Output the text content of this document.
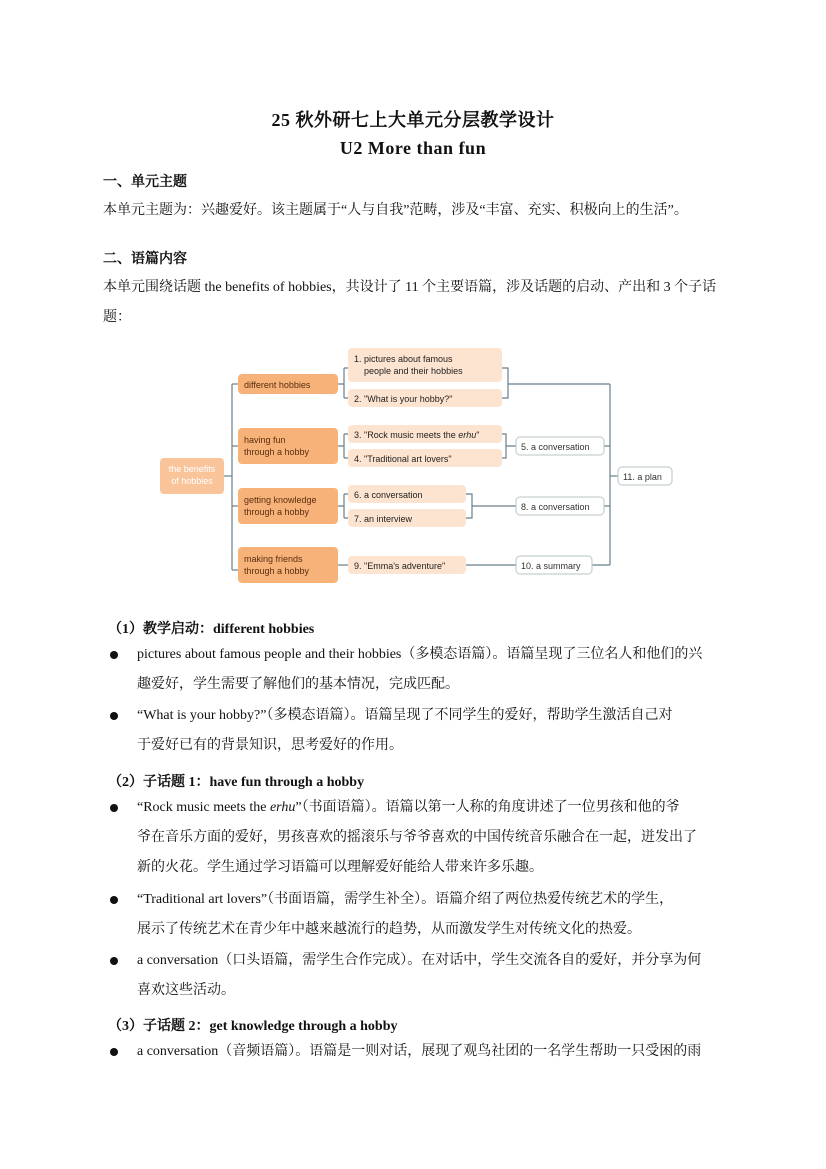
25 秋外研七上大单元分层教学设计
U2 More than fun
一、单元主题
本单元主题为：兴趣爱好。该主题属于“人与自我”范畴，涉及“丰富、充实、积极向上的生活”。
二、语篇内容
本单元围绕话题 the benefits of hobbies，共设计了 11 个主要语篇，涉及话题的启动、产出和 3 个子话题：
the benefits
of hobbies
different hobbies
having fun
through a hobby
getting knowledge
through a hobby
making friends
through a hobby
1. pictures about famous
people and their hobbies
2. "What is your hobby?"
3. "Rock music meets the erhu"
4. "Traditional art lovers"
6. a conversation
7. an interview
9. "Emma's adventure"
5. a conversation
8. a conversation
10. a summary
11. a plan
（1）教学启动：different hobbies
pictures about famous people and their hobbies（多模态语篇）。语篇呈现了三位名人和他们的兴
趣爱好，学生需要了解他们的基本情况，完成匹配。
“What is your hobby?”（多模态语篇）。语篇呈现了不同学生的爱好，帮助学生激活自己对
于爱好已有的背景知识，思考爱好的作用。
（2）子话题 1：have fun through a hobby
“Rock music meets the erhu”（书面语篇）。语篇以第一人称的角度讲述了一位男孩和他的爷
爷在音乐方面的爱好，男孩喜欢的摇滚乐与爷爷喜欢的中国传统音乐融合在一起，迸发出了
新的火花。学生通过学习语篇可以理解爱好能给人带来许多乐趣。
“Traditional art lovers”（书面语篇，需学生补全）。语篇介绍了两位热爱传统艺术的学生，
展示了传统艺术在青少年中越来越流行的趋势，从而激发学生对传统文化的热爱。
a conversation（口头语篇，需学生合作完成）。在对话中，学生交流各自的爱好，并分享为何
喜欢这些活动。
（3）子话题 2：get knowledge through a hobby
a conversation（音频语篇）。语篇是一则对话，展现了观鸟社团的一名学生帮助一只受困的雨
